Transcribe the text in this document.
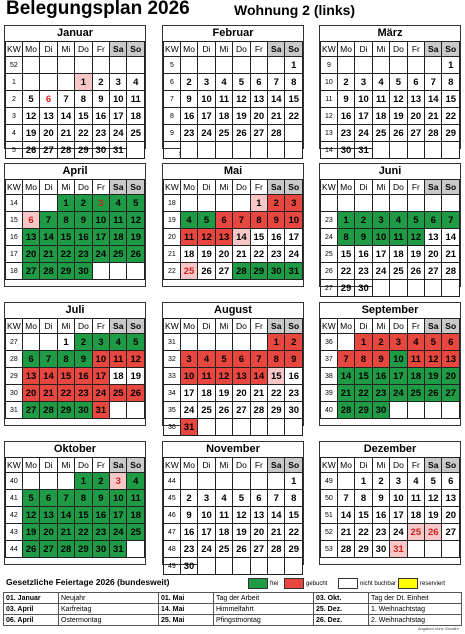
Belegungsplan 2026	Wohnung 2 (links)
Januar
KW	Mo	Di	Mi	Do	Fr	Sa	So
52							
1				1	2	3	4
2	5	6	7	8	9	10	11
3	12	13	14	15	16	17	18
4	19	20	21	22	23	24	25
5	26	27	28	29	30	31	
Februar
KW	Mo	Di	Mi	Do	Fr	Sa	So
5							1
6	2	3	4	5	6	7	8
7	9	10	11	12	13	14	15
8	16	17	18	19	20	21	22
9	23	24	25	26	27	28	

März
KW	Mo	Di	Mi	Do	Fr	Sa	So
9							1
10	2	3	4	5	6	7	8
11	9	10	11	12	13	14	15
12	16	17	18	19	20	21	22
13	23	24	25	26	27	28	29
14	30	31					
April
KW	Mo	Di	Mi	Do	Fr	Sa	So
14			1	2	3	4	5
15	6	7	8	9	10	11	12
16	13	14	15	16	17	18	19
17	20	21	22	23	24	25	26
18	27	28	29	30			
Mai
KW	Mo	Di	Mi	Do	Fr	Sa	So
18					1	2	3
19	4	5	6	7	8	9	10
20	11	12	13	14	15	16	17
21	18	19	20	21	22	23	24
22	25	26	27	28	29	30	31
Juni
KW	Mo	Di	Mi	Do	Fr	Sa	So

23	1	2	3	4	5	6	7
24	8	9	10	11	12	13	14
25	15	16	17	18	19	20	21
26	22	23	24	25	26	27	28
27	29	30					
Juli
KW	Mo	Di	Mi	Do	Fr	Sa	So
27			1	2	3	4	5
28	6	7	8	9	10	11	12
29	13	14	15	16	17	18	19
30	20	21	22	23	24	25	26
31	27	28	29	30	31		
August
KW	Mo	Di	Mi	Do	Fr	Sa	So
31						1	2
32	3	4	5	6	7	8	9
33	10	11	12	13	14	15	16
34	17	18	19	20	21	22	23
35	24	25	26	27	28	29	30
36	31						
September
KW	Mo	Di	Mi	Do	Fr	Sa	So
36		1	2	3	4	5	6
37	7	8	9	10	11	12	13
38	14	15	16	17	18	19	20
39	21	22	23	24	25	26	27
40	28	29	30				
Oktober
KW	Mo	Di	Mi	Do	Fr	Sa	So
40				1	2	3	4
41	5	6	7	8	9	10	11
42	12	13	14	15	16	17	18
43	19	20	21	22	23	24	25
44	26	27	28	29	30	31	
November
KW	Mo	Di	Mi	Do	Fr	Sa	So
44							1
45	2	3	4	5	6	7	8
46	9	10	11	12	13	14	15
47	16	17	18	19	20	21	22
48	23	24	25	26	27	28	29
49	30						
Dezember
KW	Mo	Di	Mi	Do	Fr	Sa	So
49		1	2	3	4	5	6
50	7	8	9	10	11	12	13
51	14	15	16	17	18	19	20
52	21	22	23	24	25	26	27
53	28	29	30	31			
Gesetzliche Feiertage 2026 (bundesweit)	frei	gebucht	nicht buchbar	reserviert
01. Januar	Neujahr	01. Mai	Tag der Arbeit	03. Okt.	Tag der Dt. Einheit
03. April	Karfreitag	14. Mai	Himmelfahrt	25. Dez.	1. Weihnachtstag
06. April	Ostermontag	25. Mai	Pfingstmontag	26. Dez.	2. Weihnachtstag
Angaben ohne Gewähr
